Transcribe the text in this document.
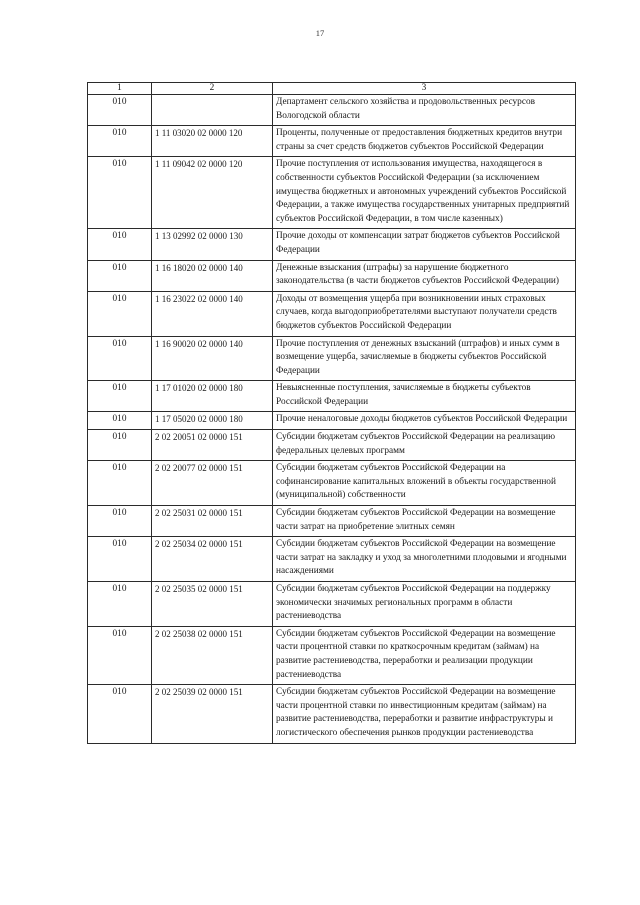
17
1	2	3
010		Департамент сельского хозяйства и продовольственных ресурсов Вологодской области
010	1 11 03020 02 0000 120	Проценты, полученные от предоставления бюджетных кредитов внутри страны за счет средств бюджетов субъектов Российской Федерации
010	1 11 09042 02 0000 120	Прочие поступления от использования имущества, находящегося в собственности субъектов Российской Федерации (за исключением имущества бюджетных и автономных учреждений субъектов Российской Федерации, а также имущества государственных унитарных предприятий субъектов Российской Федерации, в том числе казенных)
010	1 13 02992 02 0000 130	Прочие доходы от компенсации затрат бюджетов субъектов Российской Федерации
010	1 16 18020 02 0000 140	Денежные взыскания (штрафы) за нарушение бюджетного законодательства (в части бюджетов субъектов Российской Федерации)
010	1 16 23022 02 0000 140	Доходы от возмещения ущерба при возникновении иных страховых случаев, когда выгодоприобретателями выступают получатели средств бюджетов субъектов Российской Федерации
010	1 16 90020 02 0000 140	Прочие поступления от денежных взысканий (штрафов) и иных сумм в возмещение ущерба, зачисляемые в бюджеты субъектов Российской Федерации
010	1 17 01020 02 0000 180	Невыясненные поступления, зачисляемые в бюджеты субъектов Российской Федерации
010	1 17 05020 02 0000 180	Прочие неналоговые доходы бюджетов субъектов Российской Федерации
010	2 02 20051 02 0000 151	Субсидии бюджетам субъектов Российской Федерации на реализацию федеральных целевых программ
010	2 02 20077 02 0000 151	Субсидии бюджетам субъектов Российской Федерации на софинансирование капитальных вложений в объекты государственной (муниципальной) собственности
010	2 02 25031 02 0000 151	Субсидии бюджетам субъектов Российской Федерации на возмещение части затрат на приобретение элитных семян
010	2 02 25034 02 0000 151	Субсидии бюджетам субъектов Российской Федерации на возмещение части затрат на закладку и уход за многолетними плодовыми и ягодными насаждениями
010	2 02 25035 02 0000 151	Субсидии бюджетам субъектов Российской Федерации на поддержку экономически значимых региональных программ в области растениеводства
010	2 02 25038 02 0000 151	Субсидии бюджетам субъектов Российской Федерации на возмещение части процентной ставки по краткосрочным кредитам (займам) на развитие растениеводства, переработки и реализации продукции растениеводства
010	2 02 25039 02 0000 151	Субсидии бюджетам субъектов Российской Федерации на возмещение части процентной ставки по инвестиционным кредитам (займам) на развитие растениеводства, переработки и развитие инфраструктуры и логистического обеспечения рынков продукции растениеводства
